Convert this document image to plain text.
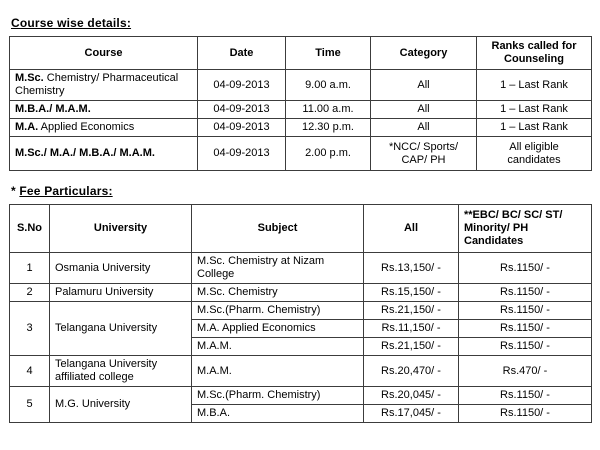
Course wise details:
Course	Date	Time	Category	Ranks called for Counseling
M.Sc. Chemistry/ Pharmaceutical Chemistry	04-09-2013	9.00 a.m.	All	1 – Last Rank
M.B.A./ M.A.M.	04-09-2013	11.00 a.m.	All	1 – Last Rank
M.A. Applied Economics	04-09-2013	12.30 p.m.	All	1 – Last Rank
M.Sc./ M.A./ M.B.A./ M.A.M.	04-09-2013	2.00 p.m.	*NCC/ Sports/ CAP/ PH	All eligible candidates
* Fee Particulars:
S.No	University	Subject	All	**EBC/ BC/ SC/ ST/ Minority/ PH Candidates
1	Osmania University	M.Sc. Chemistry at Nizam College	Rs.13,150/ -	Rs.1150/ -
2	Palamuru University	M.Sc. Chemistry	Rs.15,150/ -	Rs.1150/ -
3	Telangana University	M.Sc.(Pharm. Chemistry)	Rs.21,150/ -	Rs.1150/ -
		M.A. Applied Economics	Rs.11,150/ -	Rs.1150/ -
		M.A.M.	Rs.21,150/ -	Rs.1150/ -
4	Telangana University affiliated college	M.A.M.	Rs.20,470/ -	Rs.470/ -
5	M.G. University	M.Sc.(Pharm. Chemistry)	Rs.20,045/ -	Rs.1150/ -
		M.B.A.	Rs.17,045/ -	Rs.1150/ -
